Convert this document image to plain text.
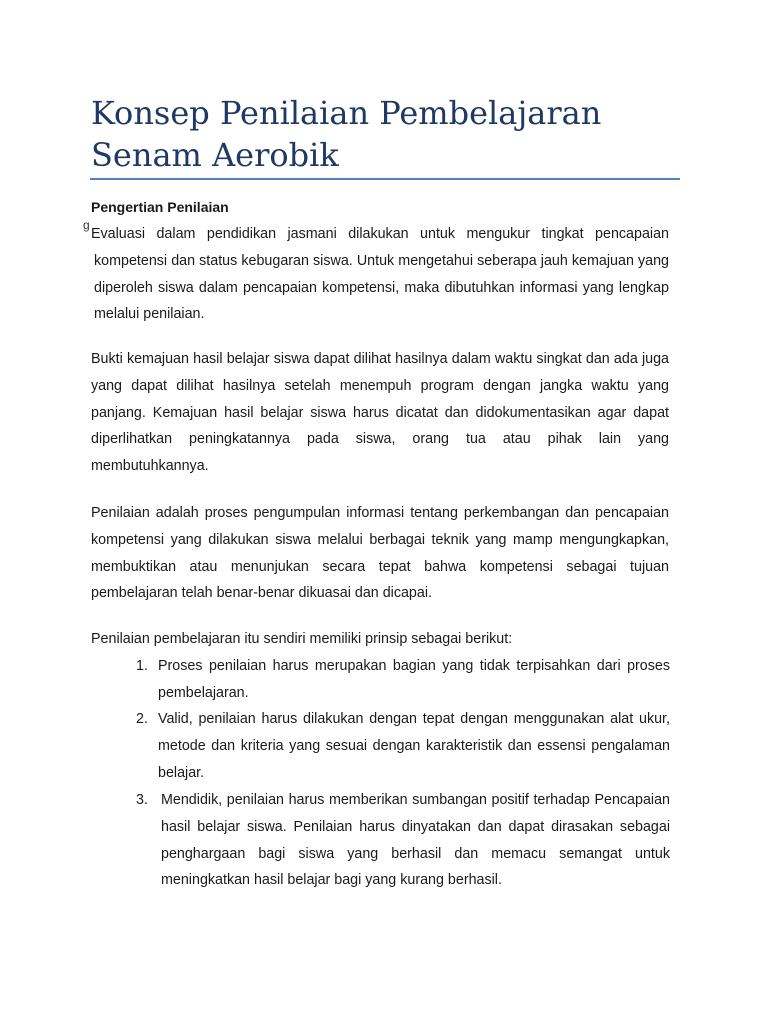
Konsep Penilaian Pembelajaran
Senam Aerobik
Pengertian Penilaian
g

Evaluasi dalam pendidikan jasmani dilakukan untuk mengukur tingkat pencapaian
kompetensi dan status kebugaran siswa. Untuk mengetahui seberapa jauh kemajuan yang diperoleh siswa dalam pencapaian kompetensi, maka dibutuhkan informasi yang lengkap melalui penilaian.

Bukti kemajuan hasil belajar siswa dapat dilihat hasilnya dalam waktu singkat dan ada juga yang dapat dilihat hasilnya setelah menempuh program dengan jangka waktu yang panjang. Kemajuan hasil belajar siswa harus dicatat dan didokumentasikan agar dapat diperlihatkan peningkatannya pada siswa, orang tua atau pihak lain yang membutuhkannya.

Penilaian adalah proses pengumpulan informasi tentang perkembangan dan pencapaian kompetensi yang dilakukan siswa melalui berbagai teknik yang mamp mengungkapkan, membuktikan atau menunjukan secara tepat bahwa kompetensi sebagai tujuan pembelajaran telah benar-benar dikuasai dan dicapai.

Penilaian pembelajaran itu sendiri memiliki prinsip sebagai berikut:

1. Proses penilaian harus merupakan bagian yang tidak terpisahkan dari proses pembelajaran.
2. Valid, penilaian harus dilakukan dengan tepat dengan menggunakan alat ukur, metode dan kriteria yang sesuai dengan karakteristik dan essensi pengalaman belajar.
3. Mendidik, penilaian harus memberikan sumbangan positif terhadap Pencapaian hasil belajar siswa. Penilaian harus dinyatakan dan dapat dirasakan sebagai penghargaan bagi siswa yang berhasil dan memacu semangat untuk meningkatkan hasil belajar bagi yang kurang berhasil.
